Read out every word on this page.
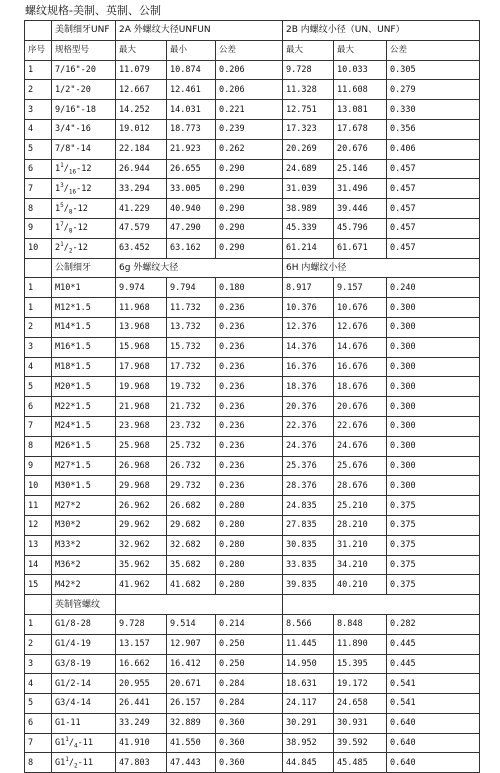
螺纹规格-美制、英制、公制
	美制细牙UNF	2A 外螺纹大径UNFUN			2B 内螺纹小径（UN、UNF）		
序号	规格型号	最大	最小	公差	最大	最大	公差
1	7/16"-20	11.079	10.874	0.206	9.728	10.033	0.305
2	1/2"-20	12.667	12.461	0.206	11.328	11.608	0.279
3	9/16"-18	14.252	14.031	0.221	12.751	13.081	0.330
4	3/4"-16	19.012	18.773	0.239	17.323	17.678	0.356
5	7/8"-14	22.184	21.923	0.262	20.269	20.676	0.406
6	$1^1/_{16}-12$	26.944	26.655	0.290	24.689	25.146	0.457
7	$1^3/_{16}-12$	33.294	33.005	0.290	31.039	31.496	0.457
8	$1^5/_8-12$	41.229	40.940	0.290	38.989	39.446	0.457
9	$1^7/_8-12$	47.579	47.290	0.290	45.339	45.796	0.457
10	$2^1/_2-12$	63.452	63.162	0.290	61.214	61.671	0.457
	公制细牙	6g 外螺纹大径			6H 内螺纹小径		
1	M10*1	9.974	9.794	0.180	8.917	9.157	0.240
1	M12*1.5	11.968	11.732	0.236	10.376	10.676	0.300
2	M14*1.5	13.968	13.732	0.236	12.376	12.676	0.300
3	M16*1.5	15.968	15.732	0.236	14.376	14.676	0.300
4	M18*1.5	17.968	17.732	0.236	16.376	16.676	0.300
5	M20*1.5	19.968	19.732	0.236	18.376	18.676	0.300
6	M22*1.5	21.968	21.732	0.236	20.376	20.676	0.300
7	M24*1.5	23.968	23.732	0.236	22.376	22.676	0.300
8	M26*1.5	25.968	25.732	0.236	24.376	24.676	0.300
9	M27*1.5	26.968	26.732	0.236	25.376	25.676	0.300
10	M30*1.5	29.968	29.732	0.236	28.376	28.676	0.300
11	M27*2	26.962	26.682	0.280	24.835	25.210	0.375
12	M30*2	29.962	29.682	0.280	27.835	28.210	0.375
13	M33*2	32.962	32.682	0.280	30.835	31.210	0.375
14	M36*2	35.962	35.682	0.280	33.835	34.210	0.375
15	M42*2	41.962	41.682	0.280	39.835	40.210	0.375
	英制管螺纹						
1	G1/8-28	9.728	9.514	0.214	8.566	8.848	0.282
2	G1/4-19	13.157	12.907	0.250	11.445	11.890	0.445
3	G3/8-19	16.662	16.412	0.250	14.950	15.395	0.445
4	G1/2-14	20.955	20.671	0.284	18.631	19.172	0.541
5	G3/4-14	26.441	26.157	0.284	24.117	24.658	0.541
6	G1-11	33.249	32.889	0.360	30.291	30.931	0.640
7	$G1^1/_4-11$	41.910	41.550	0.360	38.952	39.592	0.640
8	$G1^1/_2-11$	47.803	47.443	0.360	44.845	45.485	0.640
